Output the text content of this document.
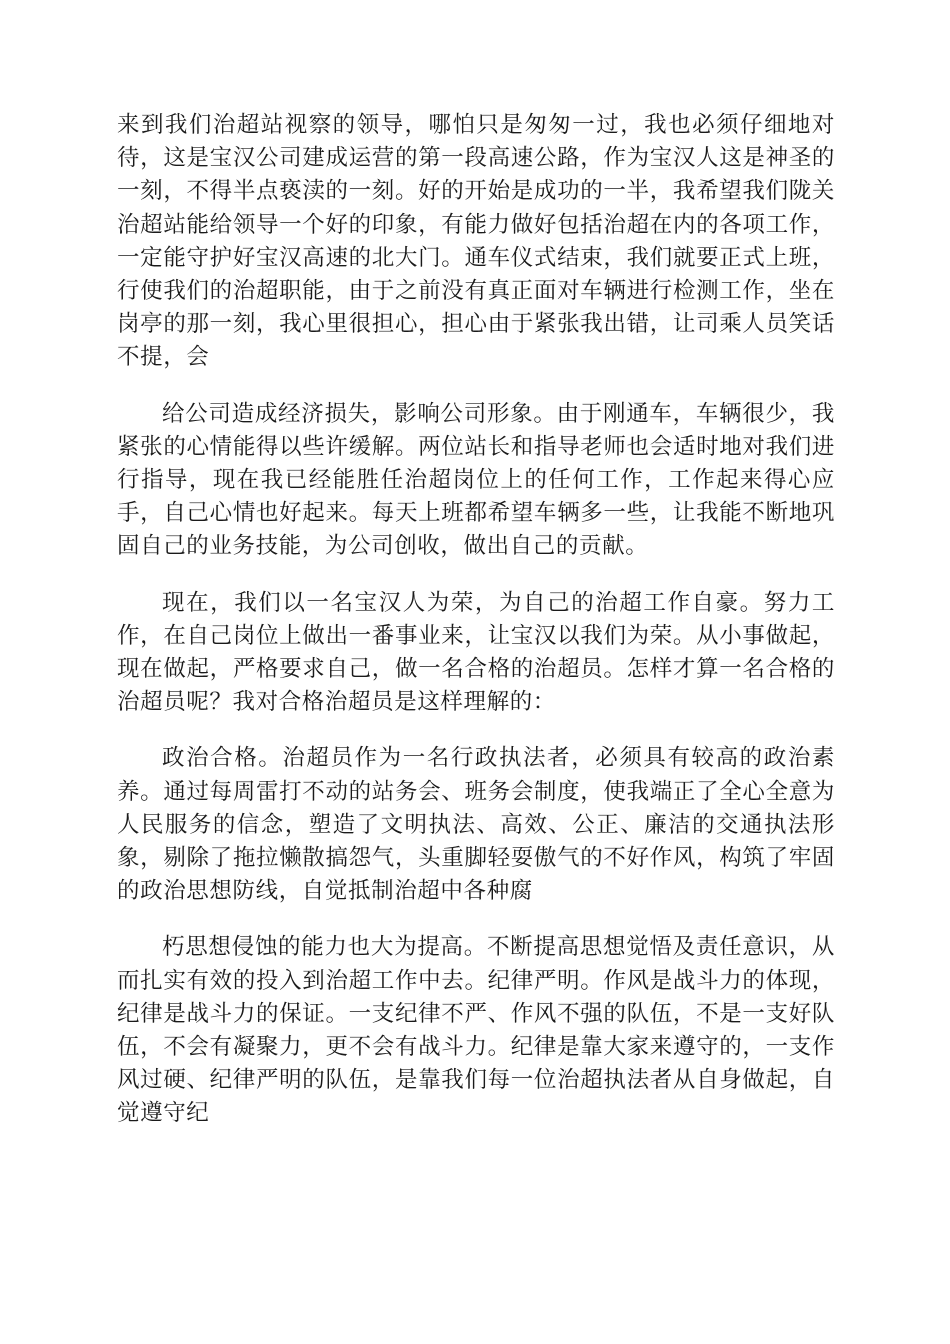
来到我们治超站视察的领导，哪怕只是匆匆一过，我也必须仔细地对待，这是宝汉公司建成运营的第一段高速公路，作为宝汉人这是神圣的一刻，不得半点亵渎的一刻。好的开始是成功的一半，我希望我们陇关治超站能给领导一个好的印象，有能力做好包括治超在内的各项工作，一定能守护好宝汉高速的北大门。通车仪式结束，我们就要正式上班，行使我们的治超职能，由于之前没有真正面对车辆进行检测工作，坐在岗亭的那一刻，我心里很担心，担心由于紧张我出错，让司乘人员笑话不提，会

给公司造成经济损失，影响公司形象。由于刚通车，车辆很少，我紧张的心情能得以些许缓解。两位站长和指导老师也会适时地对我们进行指导，现在我已经能胜任治超岗位上的任何工作，工作起来得心应手，自己心情也好起来。每天上班都希望车辆多一些，让我能不断地巩固自己的业务技能，为公司创收，做出自己的贡献。

现在，我们以一名宝汉人为荣，为自己的治超工作自豪。努力工作，在自己岗位上做出一番事业来，让宝汉以我们为荣。从小事做起，现在做起，严格要求自己，做一名合格的治超员。怎样才算一名合格的治超员呢？我对合格治超员是这样理解的：

政治合格。治超员作为一名行政执法者，必须具有较高的政治素养。通过每周雷打不动的站务会、班务会制度，使我端正了全心全意为人民服务的信念，塑造了文明执法、高效、公正、廉洁的交通执法形象，剔除了拖拉懒散搞怨气，头重脚轻耍傲气的不好作风，构筑了牢固的政治思想防线，自觉抵制治超中各种腐

朽思想侵蚀的能力也大为提高。不断提高思想觉悟及责任意识，从而扎实有效的投入到治超工作中去。纪律严明。作风是战斗力的体现，纪律是战斗力的保证。一支纪律不严、作风不强的队伍，不是一支好队伍，不会有凝聚力，更不会有战斗力。纪律是靠大家来遵守的，一支作风过硬、纪律严明的队伍，是靠我们每一位治超执法者从自身做起，自觉遵守纪
